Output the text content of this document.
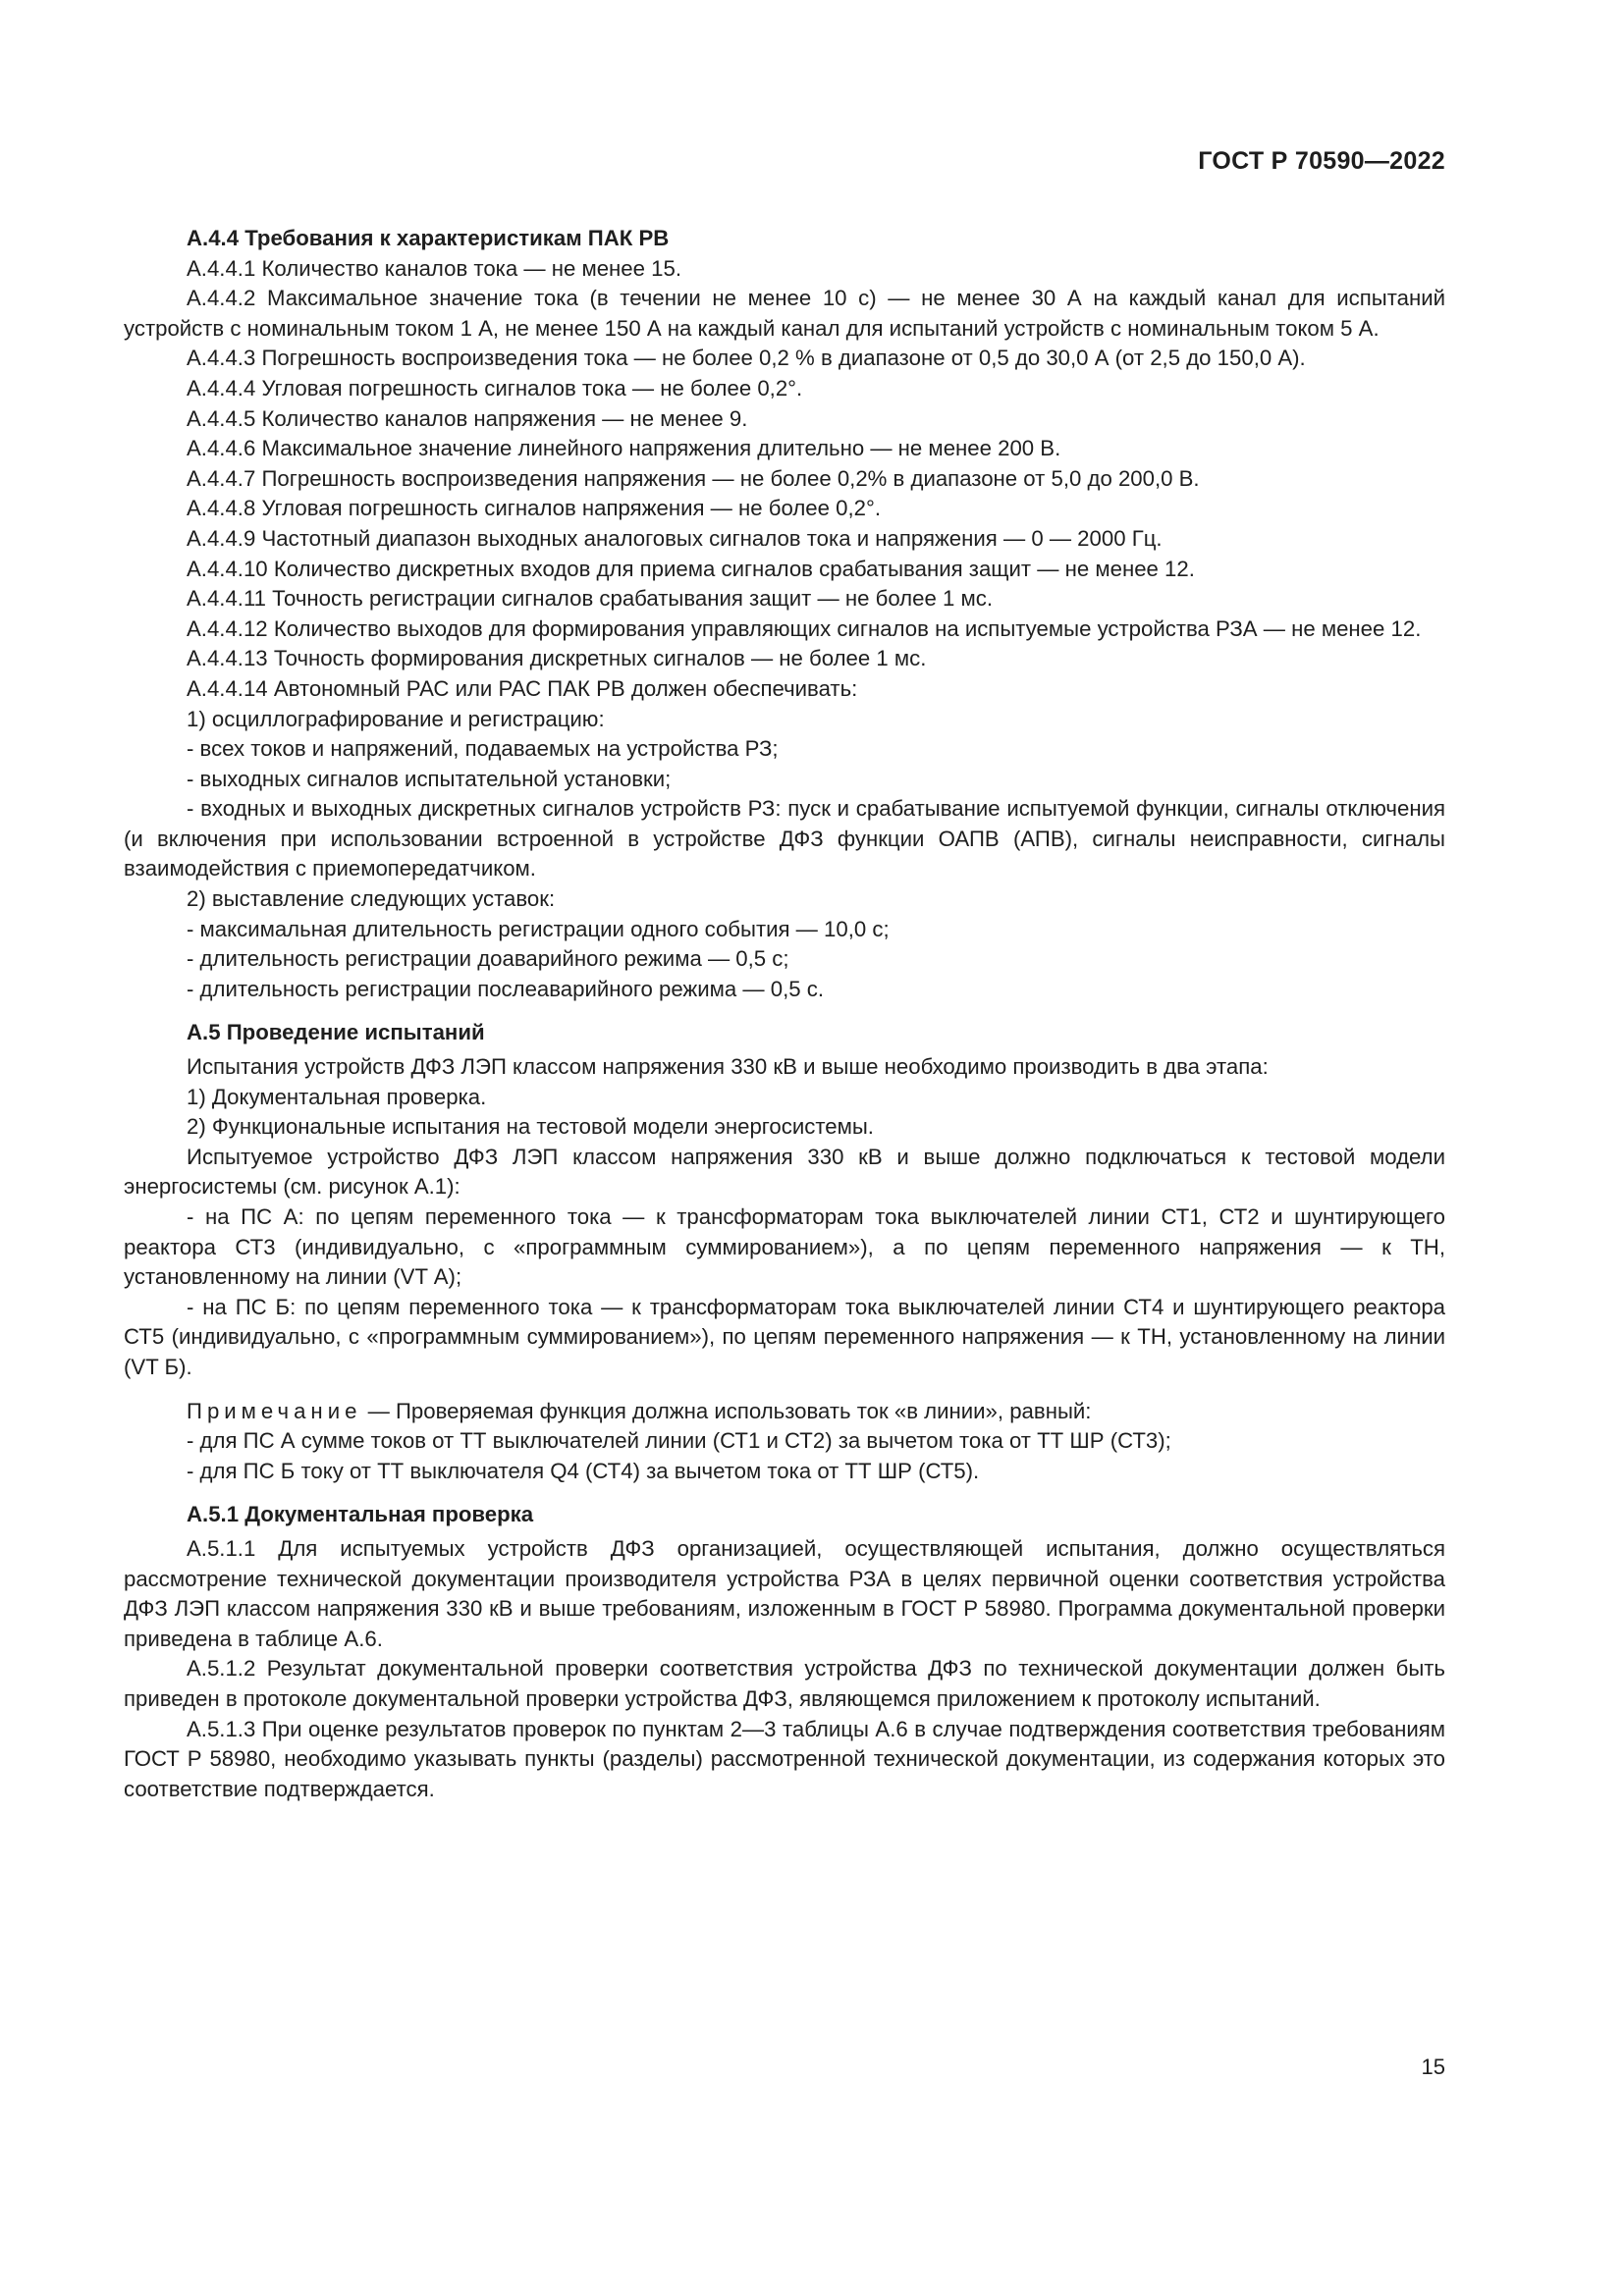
ГОСТ Р 70590—2022

А.4.4 Требования к характеристикам ПАК РВ

А.4.4.1 Количество каналов тока — не менее 15.

А.4.4.2 Максимальное значение тока (в течении не менее 10 с) — не менее 30 А на каждый канал для испытаний устройств с номинальным током 1 А, не менее 150 А на каждый канал для испытаний устройств с номинальным током 5 А.

А.4.4.3 Погрешность воспроизведения тока — не более 0,2 % в диапазоне от 0,5 до 30,0 А (от 2,5 до 150,0 А).

А.4.4.4 Угловая погрешность сигналов тока — не более 0,2°.

А.4.4.5 Количество каналов напряжения — не менее 9.

А.4.4.6 Максимальное значение линейного напряжения длительно — не менее 200 В.

А.4.4.7 Погрешность воспроизведения напряжения — не более 0,2% в диапазоне от 5,0 до 200,0 В.

А.4.4.8 Угловая погрешность сигналов напряжения — не более 0,2°.

А.4.4.9 Частотный диапазон выходных аналоговых сигналов тока и напряжения — 0 — 2000 Гц.

А.4.4.10 Количество дискретных входов для приема сигналов срабатывания защит — не менее 12.

А.4.4.11 Точность регистрации сигналов срабатывания защит — не более 1 мс.

А.4.4.12 Количество выходов для формирования управляющих сигналов на испытуемые устройства РЗА — не менее 12.

А.4.4.13 Точность формирования дискретных сигналов — не более 1 мс.

А.4.4.14 Автономный РАС или РАС ПАК РВ должен обеспечивать:

1) осциллографирование и регистрацию:

- всех токов и напряжений, подаваемых на устройства РЗ;

- выходных сигналов испытательной установки;

- входных и выходных дискретных сигналов устройств РЗ: пуск и срабатывание испытуемой функции, сигналы отключения (и включения при использовании встроенной в устройстве ДФЗ функции ОАПВ (АПВ), сигналы неисправности, сигналы взаимодействия с приемопередатчиком.

2) выставление следующих уставок:

- максимальная длительность регистрации одного события — 10,0 с;

- длительность регистрации доаварийного режима — 0,5 с;

- длительность регистрации послеаварийного режима — 0,5 с.

А.5 Проведение испытаний

Испытания устройств ДФЗ ЛЭП классом напряжения 330 кВ и выше необходимо производить в два этапа:

1) Документальная проверка.

2) Функциональные испытания на тестовой модели энергосистемы.

Испытуемое устройство ДФЗ ЛЭП классом напряжения 330 кВ и выше должно подключаться к тестовой модели энергосистемы (см. рисунок А.1):

- на ПС А: по цепям переменного тока — к трансформаторам тока выключателей линии СТ1, СТ2 и шунтирующего реактора СТ3 (индивидуально, с «программным суммированием»), а по цепям переменного напряжения — к ТН, установленному на линии (VT А);

- на ПС Б: по цепям переменного тока — к трансформаторам тока выключателей линии СТ4 и шунтирующего реактора СТ5 (индивидуально, с «программным суммированием»), по цепям переменного напряжения — к ТН, установленному на линии (VT Б).

Примечание — Проверяемая функция должна использовать ток «в линии», равный:

- для ПС А сумме токов от ТТ выключателей линии (СТ1 и СТ2) за вычетом тока от ТТ ШР (СТ3);

- для ПС Б току от ТТ выключателя Q4 (СТ4) за вычетом тока от ТТ ШР (СТ5).

А.5.1 Документальная проверка

А.5.1.1 Для испытуемых устройств ДФЗ организацией, осуществляющей испытания, должно осуществляться рассмотрение технической документации производителя устройства РЗА в целях первичной оценки соответствия устройства ДФЗ ЛЭП классом напряжения 330 кВ и выше требованиям, изложенным в ГОСТ Р 58980. Программа документальной проверки приведена в таблице А.6.

А.5.1.2 Результат документальной проверки соответствия устройства ДФЗ по технической документации должен быть приведен в протоколе документальной проверки устройства ДФЗ, являющемся приложением к протоколу испытаний.

А.5.1.3 При оценке результатов проверок по пунктам 2—3 таблицы А.6 в случае подтверждения соответствия требованиям ГОСТ Р 58980, необходимо указывать пункты (разделы) рассмотренной технической документации, из содержания которых это соответствие подтверждается.

15
